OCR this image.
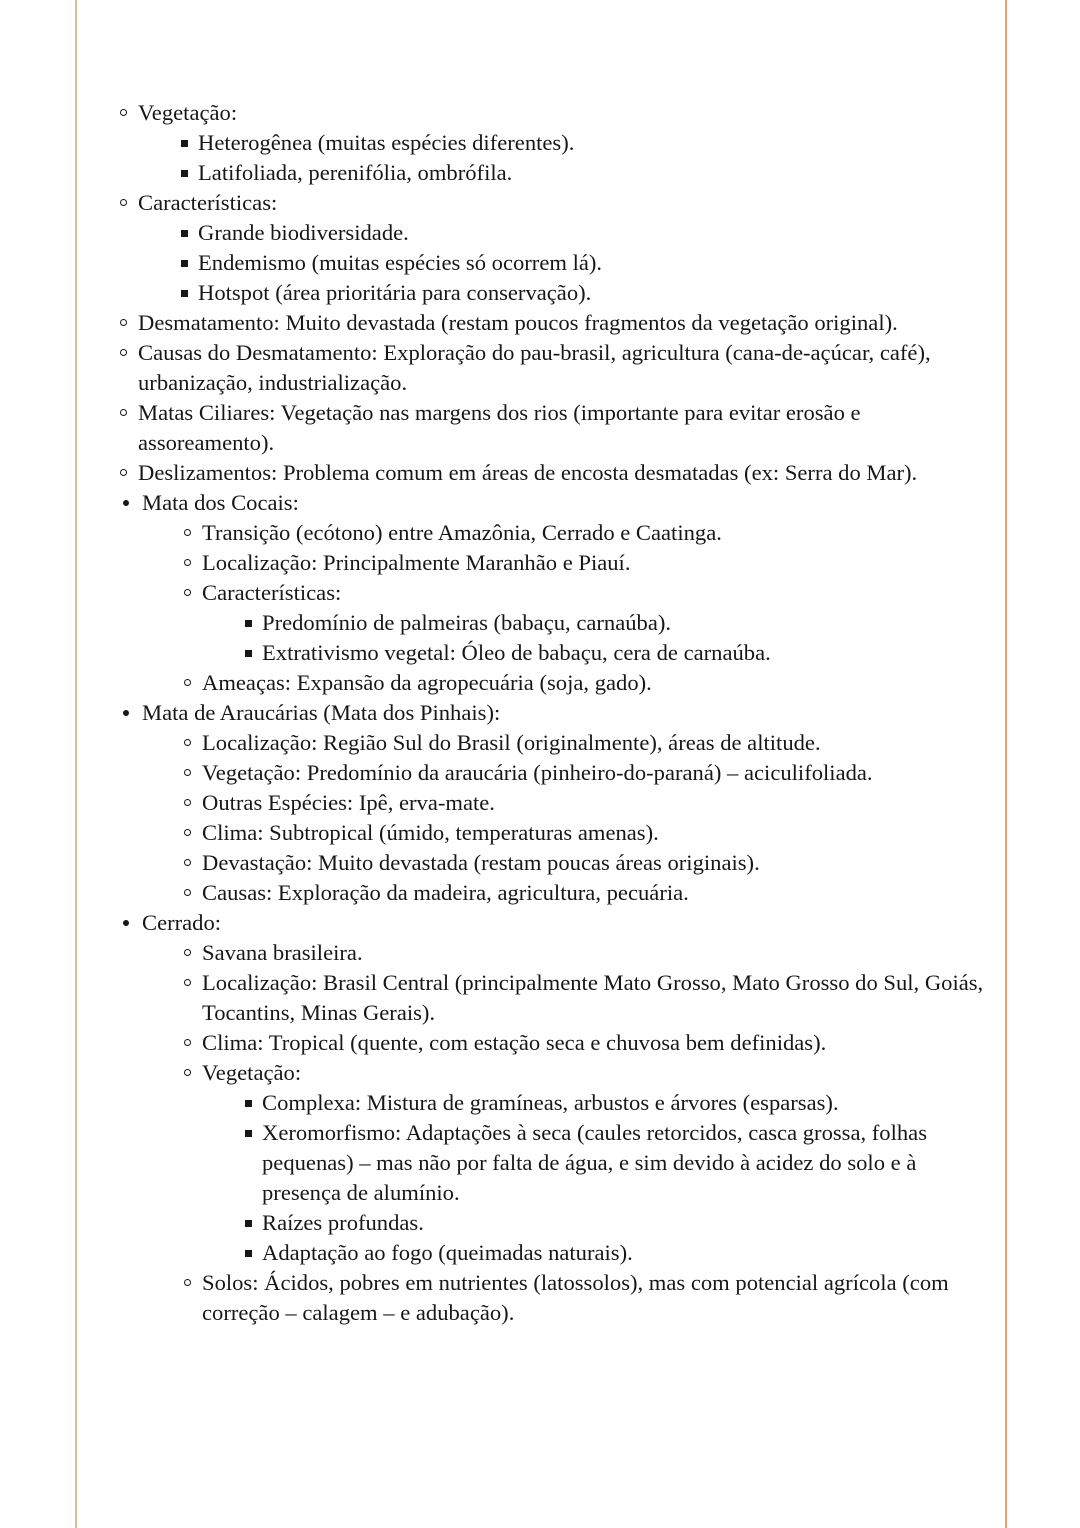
Vegetação:
Heterogênea (muitas espécies diferentes).
Latifoliada, perenifólia, ombrófila.
Características:
Grande biodiversidade.
Endemismo (muitas espécies só ocorrem lá).
Hotspot (área prioritária para conservação).
Desmatamento: Muito devastada (restam poucos fragmentos da vegetação original).
Causas do Desmatamento: Exploração do pau-brasil, agricultura (cana-de-açúcar, café), urbanização, industrialização.
Matas Ciliares: Vegetação nas margens dos rios (importante para evitar erosão e assoreamento).
Deslizamentos: Problema comum em áreas de encosta desmatadas (ex: Serra do Mar).
Mata dos Cocais:
Transição (ecótono) entre Amazônia, Cerrado e Caatinga.
Localização: Principalmente Maranhão e Piauí.
Características:
Predomínio de palmeiras (babaçu, carnaúba).
Extrativismo vegetal: Óleo de babaçu, cera de carnaúba.
Ameaças: Expansão da agropecuária (soja, gado).
Mata de Araucárias (Mata dos Pinhais):
Localização: Região Sul do Brasil (originalmente), áreas de altitude.
Vegetação: Predomínio da araucária (pinheiro-do-paraná) – aciculifoliada.
Outras Espécies: Ipê, erva-mate.
Clima: Subtropical (úmido, temperaturas amenas).
Devastação: Muito devastada (restam poucas áreas originais).
Causas: Exploração da madeira, agricultura, pecuária.
Cerrado:
Savana brasileira.
Localização: Brasil Central (principalmente Mato Grosso, Mato Grosso do Sul, Goiás, Tocantins, Minas Gerais).
Clima: Tropical (quente, com estação seca e chuvosa bem definidas).
Vegetação:
Complexa: Mistura de gramíneas, arbustos e árvores (esparsas).
Xeromorfismo: Adaptações à seca (caules retorcidos, casca grossa, folhas pequenas) – mas não por falta de água, e sim devido à acidez do solo e à presença de alumínio.
Raízes profundas.
Adaptação ao fogo (queimadas naturais).
Solos: Ácidos, pobres em nutrientes (latossolos), mas com potencial agrícola (com correção – calagem – e adubação).
